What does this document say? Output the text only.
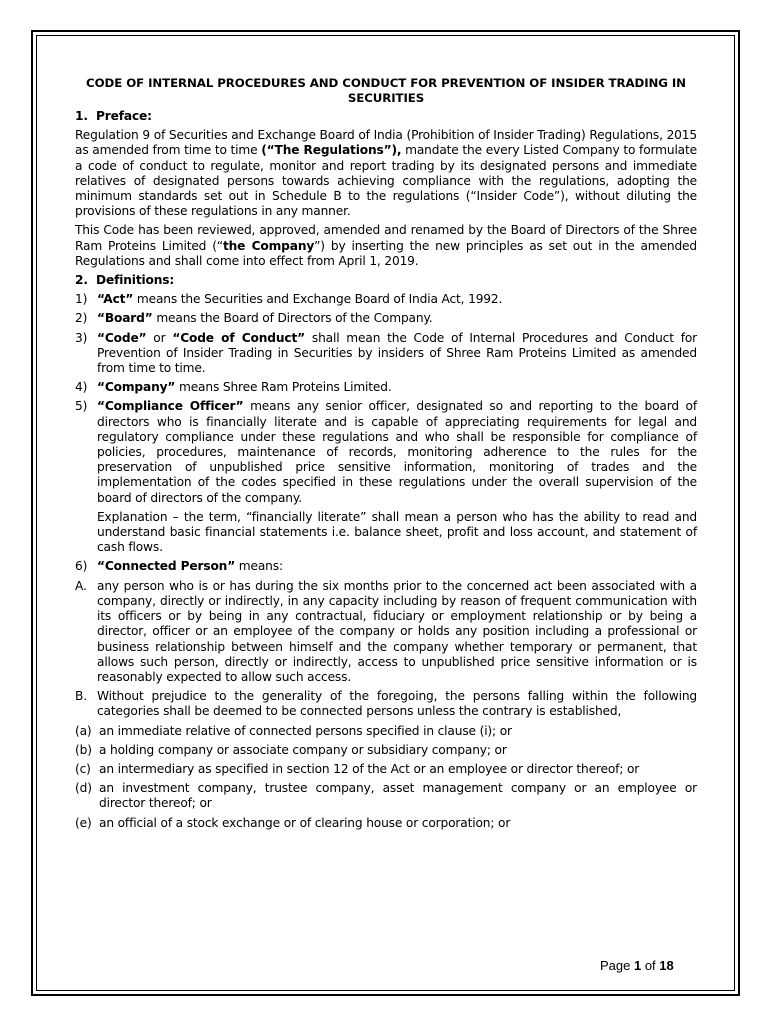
CODE OF INTERNAL PROCEDURES AND CONDUCT FOR PREVENTION OF INSIDER TRADING IN SECURITIES
1. Preface:

Regulation 9 of Securities and Exchange Board of India (Prohibition of Insider Trading) Regulations, 2015 as amended from time to time (“The Regulations”), mandate the every Listed Company to formulate a code of conduct to regulate, monitor and report trading by its designated persons and immediate relatives of designated persons towards achieving compliance with the regulations, adopting the minimum standards set out in Schedule B to the regulations (“Insider Code”), without diluting the provisions of these regulations in any manner.

This Code has been reviewed, approved, amended and renamed by the Board of Directors of the Shree Ram Proteins Limited (“the Company”) by inserting the new principles as set out in the amended Regulations and shall come into effect from April 1, 2019.

2. Definitions:
1) “Act” means the Securities and Exchange Board of India Act, 1992.
2) “Board” means the Board of Directors of the Company.
3) “Code” or “Code of Conduct” shall mean the Code of Internal Procedures and Conduct for Prevention of Insider Trading in Securities by insiders of Shree Ram Proteins Limited as amended from time to time.
4) “Company” means Shree Ram Proteins Limited.
5) “Compliance Officer” means any senior officer, designated so and reporting to the board of directors who is financially literate and is capable of appreciating requirements for legal and regulatory compliance under these regulations and who shall be responsible for compliance of policies, procedures, maintenance of records, monitoring adherence to the rules for the preservation of unpublished price sensitive information, monitoring of trades and the implementation of the codes specified in these regulations under the overall supervision of the board of directors of the company.

Explanation – the term, “financially literate” shall mean a person who has the ability to read and understand basic financial statements i.e. balance sheet, profit and loss account, and statement of cash flows.

6) “Connected Person” means:
A. any person who is or has during the six months prior to the concerned act been associated with a company, directly or indirectly, in any capacity including by reason of frequent communication with its officers or by being in any contractual, fiduciary or employment relationship or by being a director, officer or an employee of the company or holds any position including a professional or business relationship between himself and the company whether temporary or permanent, that allows such person, directly or indirectly, access to unpublished price sensitive information or is reasonably expected to allow such access.
B. Without prejudice to the generality of the foregoing, the persons falling within the following categories shall be deemed to be connected persons unless the contrary is established,
(a) an immediate relative of connected persons specified in clause (i); or
(b) a holding company or associate company or subsidiary company; or
(c) an intermediary as specified in section 12 of the Act or an employee or director thereof; or
(d) an investment company, trustee company, asset management company or an employee or director thereof; or
(e) an official of a stock exchange or of clearing house or corporation; or
Page 1 of 18
